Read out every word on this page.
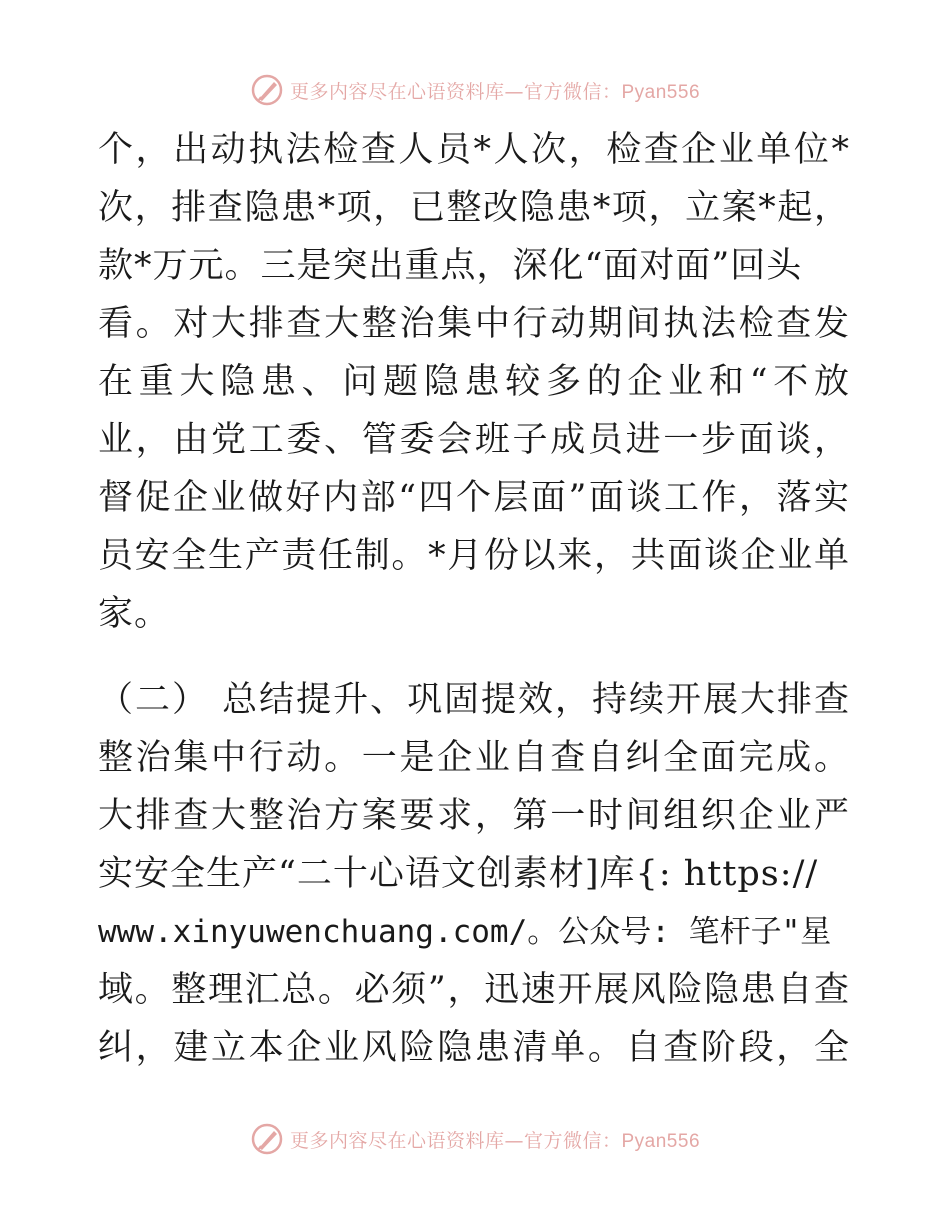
更多内容尽在心语资料库—官方微信：Pyan556
个，出动执法检查人员*人次，检查企业单位*
次，排查隐患*项，已整改隐患*项，立案*起，
款*万元。三是突出重点，深化“面对面”回头
看。对大排查大整治集中行动期间执法检查发
在重大隐患、问题隐患较多的企业和“不放
业，由党工委、管委会班子成员进一步面谈，
督促企业做好内部“四个层面”面谈工作，落实
员安全生产责任制。*月份以来，共面谈企业单
家。
（二） 总结提升、巩固提效，持续开展大排查
整治集中行动。一是企业自查自纠全面完成。
大排查大整治方案要求，第一时间组织企业严
实安全生产“二十心语文创素材]库{: https://
www.xinyuwenchuang.com/。公众号: 笔杆子"星
域。整理汇总。必须”，迅速开展风险隐患自查
纠，建立本企业风险隐患清单。自查阶段，全
更多内容尽在心语资料库—官方微信：Pyan556
